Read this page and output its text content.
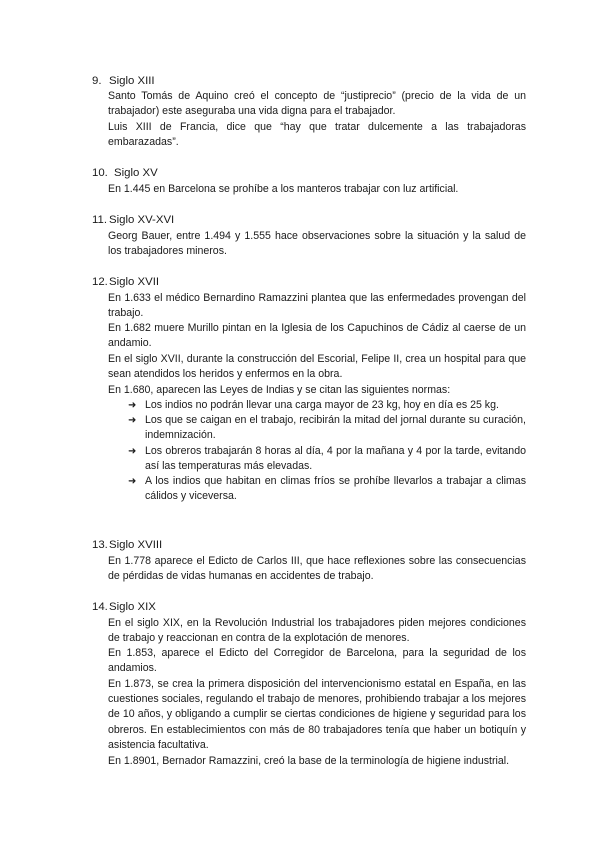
9. Siglo XIII
Santo Tomás de Aquino creó el concepto de “justiprecio” (precio de la vida de un trabajador) este aseguraba una vida digna para el trabajador.
Luis XIII de Francia, dice que “hay que tratar dulcemente a las trabajadoras embarazadas”.
10. Siglo XV
En 1.445 en Barcelona se prohíbe a los manteros trabajar con luz artificial.
11. Siglo XV-XVI
Georg Bauer, entre 1.494 y 1.555 hace observaciones sobre la situación y la salud de los trabajadores mineros.
12.Siglo XVII
En 1.633 el médico Bernardino Ramazzini plantea que las enfermedades provengan del trabajo.
En 1.682 muere Murillo pintan en la Iglesia de los Capuchinos de Cádiz al caerse de un andamio.
En el siglo XVII, durante la construcción del Escorial, Felipe II, crea un hospital para que sean atendidos los heridos y enfermos en la obra.
En 1.680, aparecen las Leyes de Indias y se citan las siguientes normas:
➜ Los indios no podrán llevar una carga mayor de 23 kg, hoy en día es 25 kg.
➜ Los que se caigan en el trabajo, recibirán la mitad del jornal durante su curación, indemnización.
➜ Los obreros trabajarán 8 horas al día, 4 por la mañana y 4 por la tarde, evitando así las temperaturas más elevadas.
➜ A los indios que habitan en climas fríos se prohíbe llevarlos a trabajar a climas cálidos y viceversa.
13.Siglo XVIII
En 1.778 aparece el Edicto de Carlos III, que hace reflexiones sobre las consecuencias de pérdidas de vidas humanas en accidentes de trabajo.
14.Siglo XIX
En el siglo XIX, en la Revolución Industrial los trabajadores piden mejores condiciones de trabajo y reaccionan en contra de la explotación de menores.
En 1.853, aparece el Edicto del Corregidor de Barcelona, para la seguridad de los andamios.
En 1.873, se crea la primera disposición del intervencionismo estatal en España, en las cuestiones sociales, regulando el trabajo de menores, prohibiendo trabajar a los mejores de 10 años, y obligando a cumplir se ciertas condiciones de higiene y seguridad para los obreros. En establecimientos con más de 80 trabajadores tenía que haber un botiquín y asistencia facultativa.
En 1.8901, Bernador Ramazzini, creó la base de la terminología de higiene industrial.
